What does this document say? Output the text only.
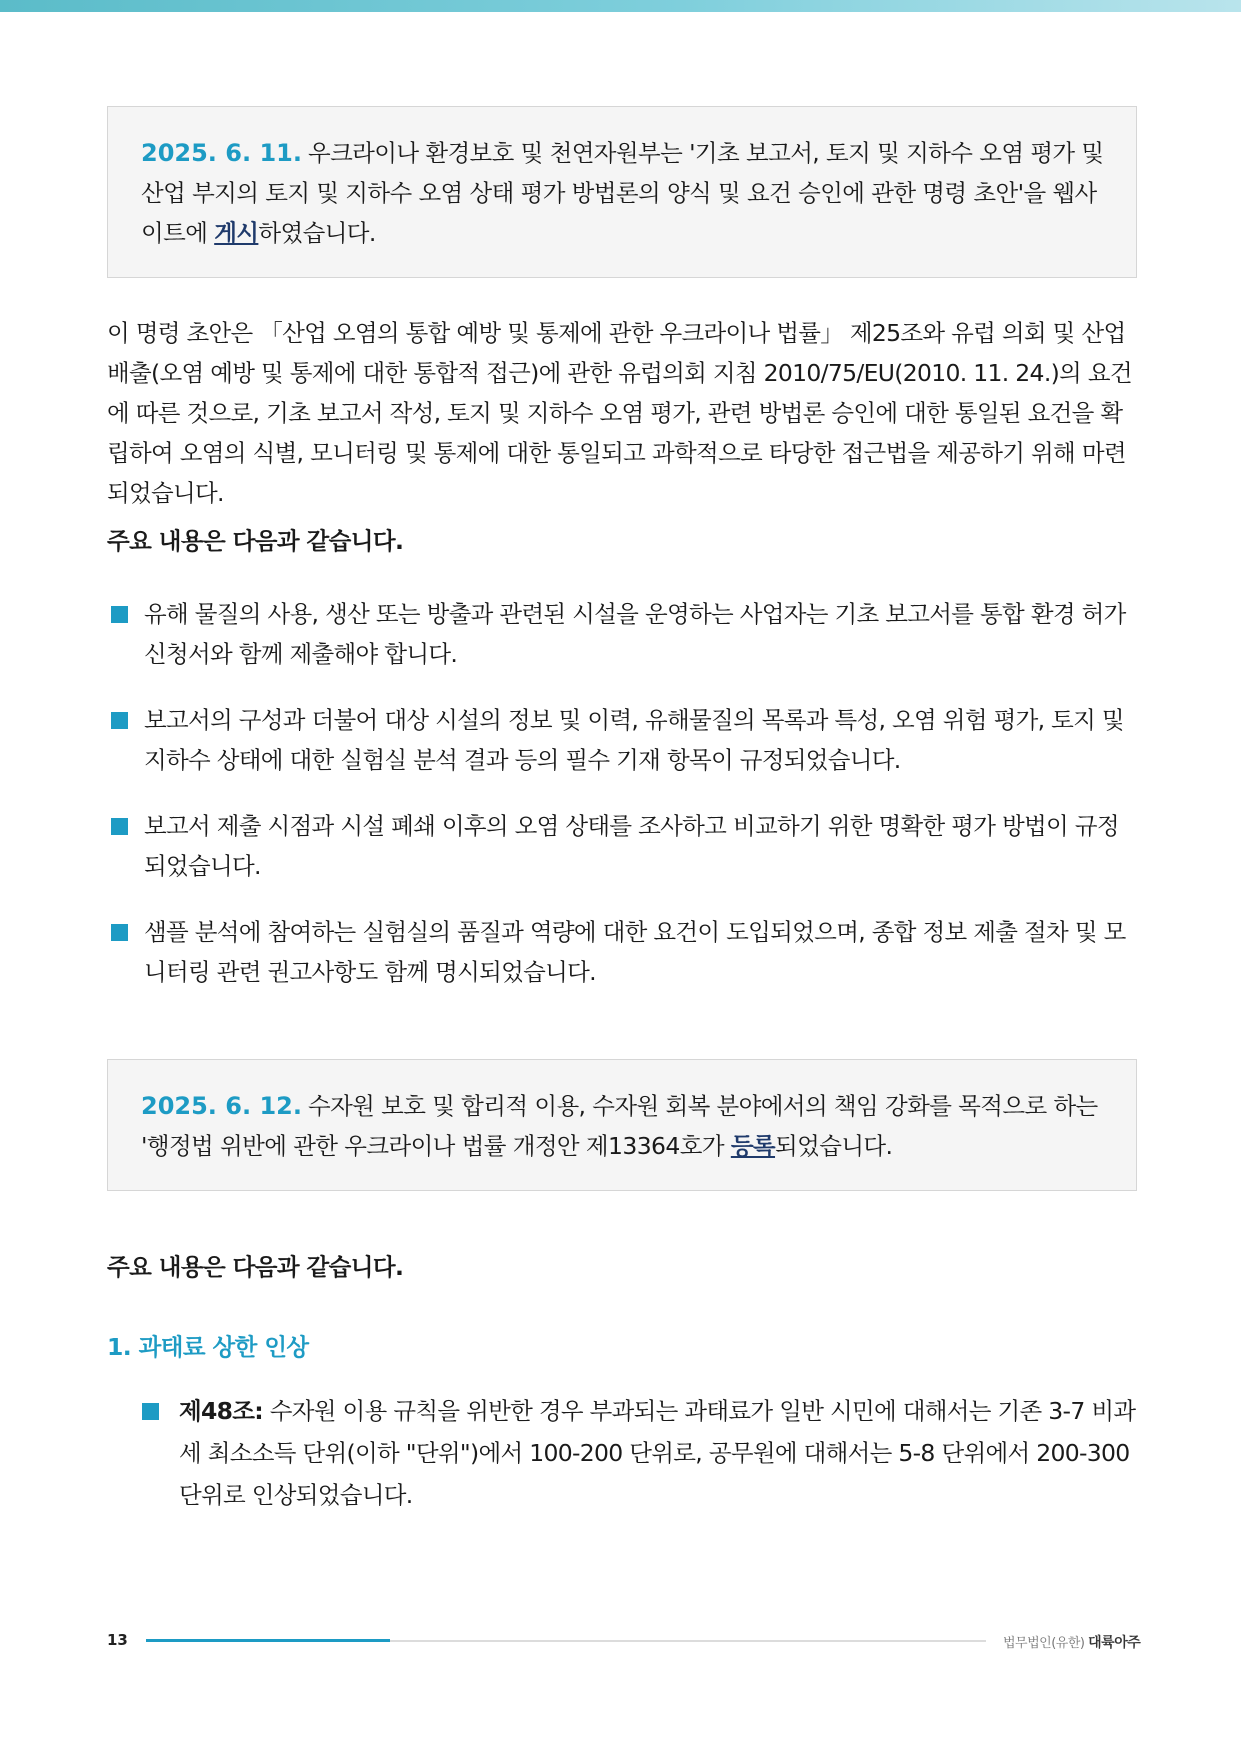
2025. 6. 11. 우크라이나 환경보호 및 천연자원부는 '기초 보고서, 토지 및 지하수 오염 평가 및 산업 부지의 토지 및 지하수 오염 상태 평가 방법론의 양식 및 요건 승인에 관한 명령 초안'을 웹사이트에 게시하였습니다.

이 명령 초안은 「산업 오염의 통합 예방 및 통제에 관한 우크라이나 법률」 제25조와 유럽 의회 및 산업 배출(오염 예방 및 통제에 대한 통합적 접근)에 관한 유럽의회 지침 2010/75/EU(2010. 11. 24.)의 요건에 따른 것으로, 기초 보고서 작성, 토지 및 지하수 오염 평가, 관련 방법론 승인에 대한 통일된 요건을 확립하여 오염의 식별, 모니터링 및 통제에 대한 통일되고 과학적으로 타당한 접근법을 제공하기 위해 마련되었습니다.

주요 내용은 다음과 같습니다.
유해 물질의 사용, 생산 또는 방출과 관련된 시설을 운영하는 사업자는 기초 보고서를 통합 환경 허가 신청서와 함께 제출해야 합니다.
보고서의 구성과 더불어 대상 시설의 정보 및 이력, 유해물질의 목록과 특성, 오염 위험 평가, 토지 및 지하수 상태에 대한 실험실 분석 결과 등의 필수 기재 항목이 규정되었습니다.
보고서 제출 시점과 시설 폐쇄 이후의 오염 상태를 조사하고 비교하기 위한 명확한 평가 방법이 규정되었습니다.
샘플 분석에 참여하는 실험실의 품질과 역량에 대한 요건이 도입되었으며, 종합 정보 제출 절차 및 모니터링 관련 권고사항도 함께 명시되었습니다.

2025. 6. 12. 수자원 보호 및 합리적 이용, 수자원 회복 분야에서의 책임 강화를 목적으로 하는 '행정법 위반에 관한 우크라이나 법률 개정안 제13364호가 등록되었습니다.

주요 내용은 다음과 같습니다.
1. 과태료 상한 인상

제48조: 수자원 이용 규칙을 위반한 경우 부과되는 과태료가 일반 시민에 대해서는 기존 3-7 비과세 최소소득 단위(이하 "단위")에서 100-200 단위로, 공무원에 대해서는 5-8 단위에서 200-300 단위로 인상되었습니다.

13	법무법인(유한) 대륙아주
